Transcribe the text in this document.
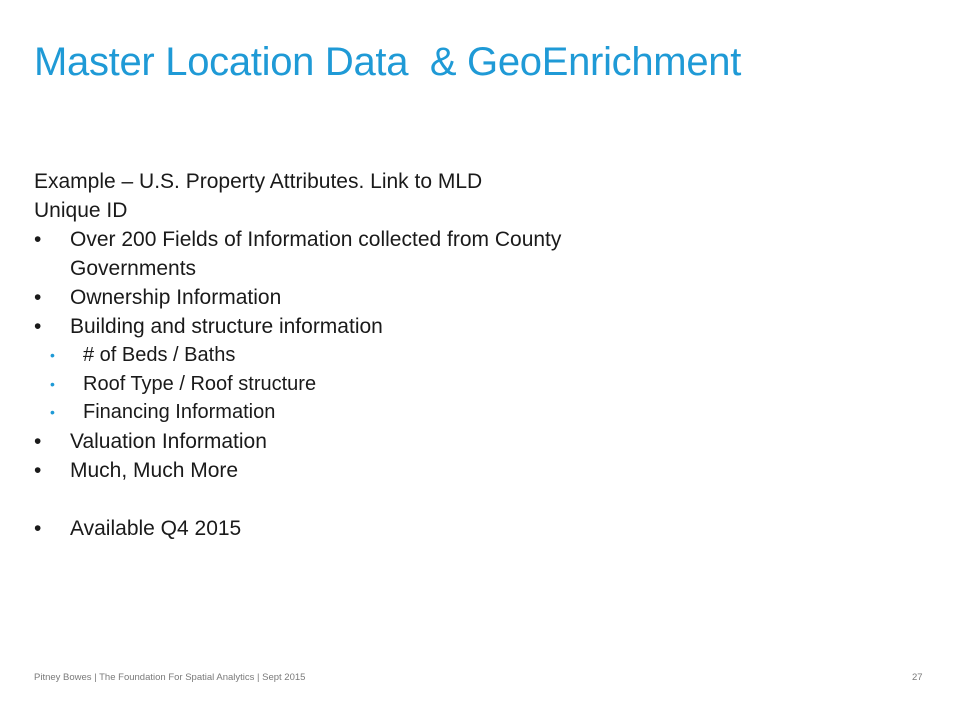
Master Location Data  & GeoEnrichment

Example – U.S. Property Attributes. Link to MLD
Unique ID

• Over 200 Fields of Information collected from County Governments
• Ownership Information
• Building and structure information
• # of Beds / Baths
• Roof Type / Roof structure
• Financing Information
• Valuation Information
• Much, Much More
• Available Q4 2015
Pitney Bowes | The Foundation For Spatial Analytics | Sept 2015	27
